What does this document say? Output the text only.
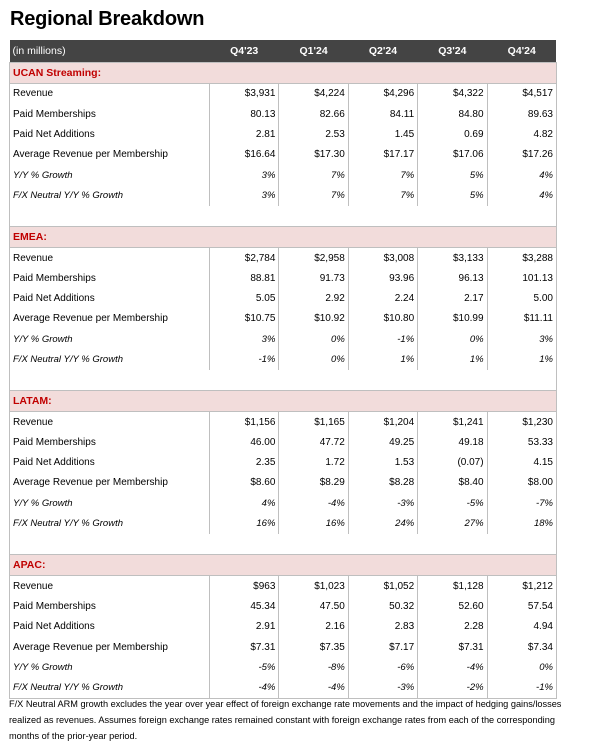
Regional Breakdown
(in millions)	Q4'23	Q1'24	Q2'24	Q3'24	Q4'24
UCAN Streaming:					
Revenue	$3,931	$4,224	$4,296	$4,322	$4,517
Paid Memberships	80.13	82.66	84.11	84.80	89.63
Paid Net Additions	2.81	2.53	1.45	0.69	4.82
Average Revenue per Membership	$16.64	$17.30	$17.17	$17.06	$17.26
Y/Y % Growth	3%	7%	7%	5%	4%
F/X Neutral Y/Y % Growth	3%	7%	7%	5%	4%

EMEA:					
Revenue	$2,784	$2,958	$3,008	$3,133	$3,288
Paid Memberships	88.81	91.73	93.96	96.13	101.13
Paid Net Additions	5.05	2.92	2.24	2.17	5.00
Average Revenue per Membership	$10.75	$10.92	$10.80	$10.99	$11.11
Y/Y % Growth	3%	0%	-1%	0%	3%
F/X Neutral Y/Y % Growth	-1%	0%	1%	1%	1%

LATAM:					
Revenue	$1,156	$1,165	$1,204	$1,241	$1,230
Paid Memberships	46.00	47.72	49.25	49.18	53.33
Paid Net Additions	2.35	1.72	1.53	(0.07)	4.15
Average Revenue per Membership	$8.60	$8.29	$8.28	$8.40	$8.00
Y/Y % Growth	4%	-4%	-3%	-5%	-7%
F/X Neutral Y/Y % Growth	16%	16%	24%	27%	18%

APAC:					
Revenue	$963	$1,023	$1,052	$1,128	$1,212
Paid Memberships	45.34	47.50	50.32	52.60	57.54
Paid Net Additions	2.91	2.16	2.83	2.28	4.94
Average Revenue per Membership	$7.31	$7.35	$7.17	$7.31	$7.34
Y/Y % Growth	-5%	-8%	-6%	-4%	0%
F/X Neutral Y/Y % Growth	-4%	-4%	-3%	-2%	-1%
F/X Neutral ARM growth excludes the year over year effect of foreign exchange rate movements and the impact of hedging gains/losses realized as revenues. Assumes foreign exchange rates remained constant with foreign exchange rates from each of the corresponding months of the prior-year period.
